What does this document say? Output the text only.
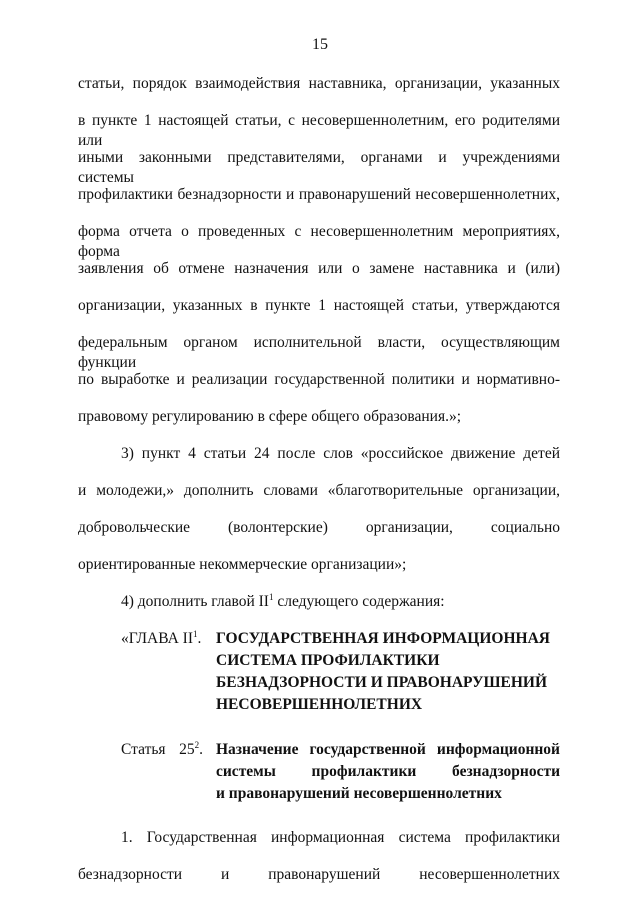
15
статьи, порядок взаимодействия наставника, организации, указанных
в пункте 1 настоящей статьи, с несовершеннолетним, его родителями или
иными законными представителями, органами и учреждениями системы
профилактики безнадзорности и правонарушений несовершеннолетних,
форма отчета о проведенных с несовершеннолетним мероприятиях, форма
заявления об отмене назначения или о замене наставника и (или)
организации, указанных в пункте 1 настоящей статьи, утверждаются
федеральным органом исполнительной власти, осуществляющим функции
по выработке и реализации государственной политики и нормативно-
правовому регулированию в сфере общего образования.»;
3) пункт 4 статьи 24 после слов «российское движение детей
и молодежи,» дополнить словами «благотворительные организации,
добровольческие (волонтерские) организации, социально
ориентированные некоммерческие организации»;
4) дополнить главой $II^1$ следующего содержания:
«ГЛАВА $II^1$. ГОСУДАРСТВЕННАЯ ИНФОРМАЦИОННАЯ
СИСТЕМА ПРОФИЛАКТИКИ
БЕЗНАДЗОРНОСТИ И ПРАВОНАРУШЕНИЙ
НЕСОВЕРШЕННОЛЕТНИХ
Статья $25^2$. Назначение государственной информационной
системы профилактики безнадзорности
и правонарушений несовершеннолетних
1. Государственная информационная система профилактики
безнадзорности и правонарушений несовершеннолетних
